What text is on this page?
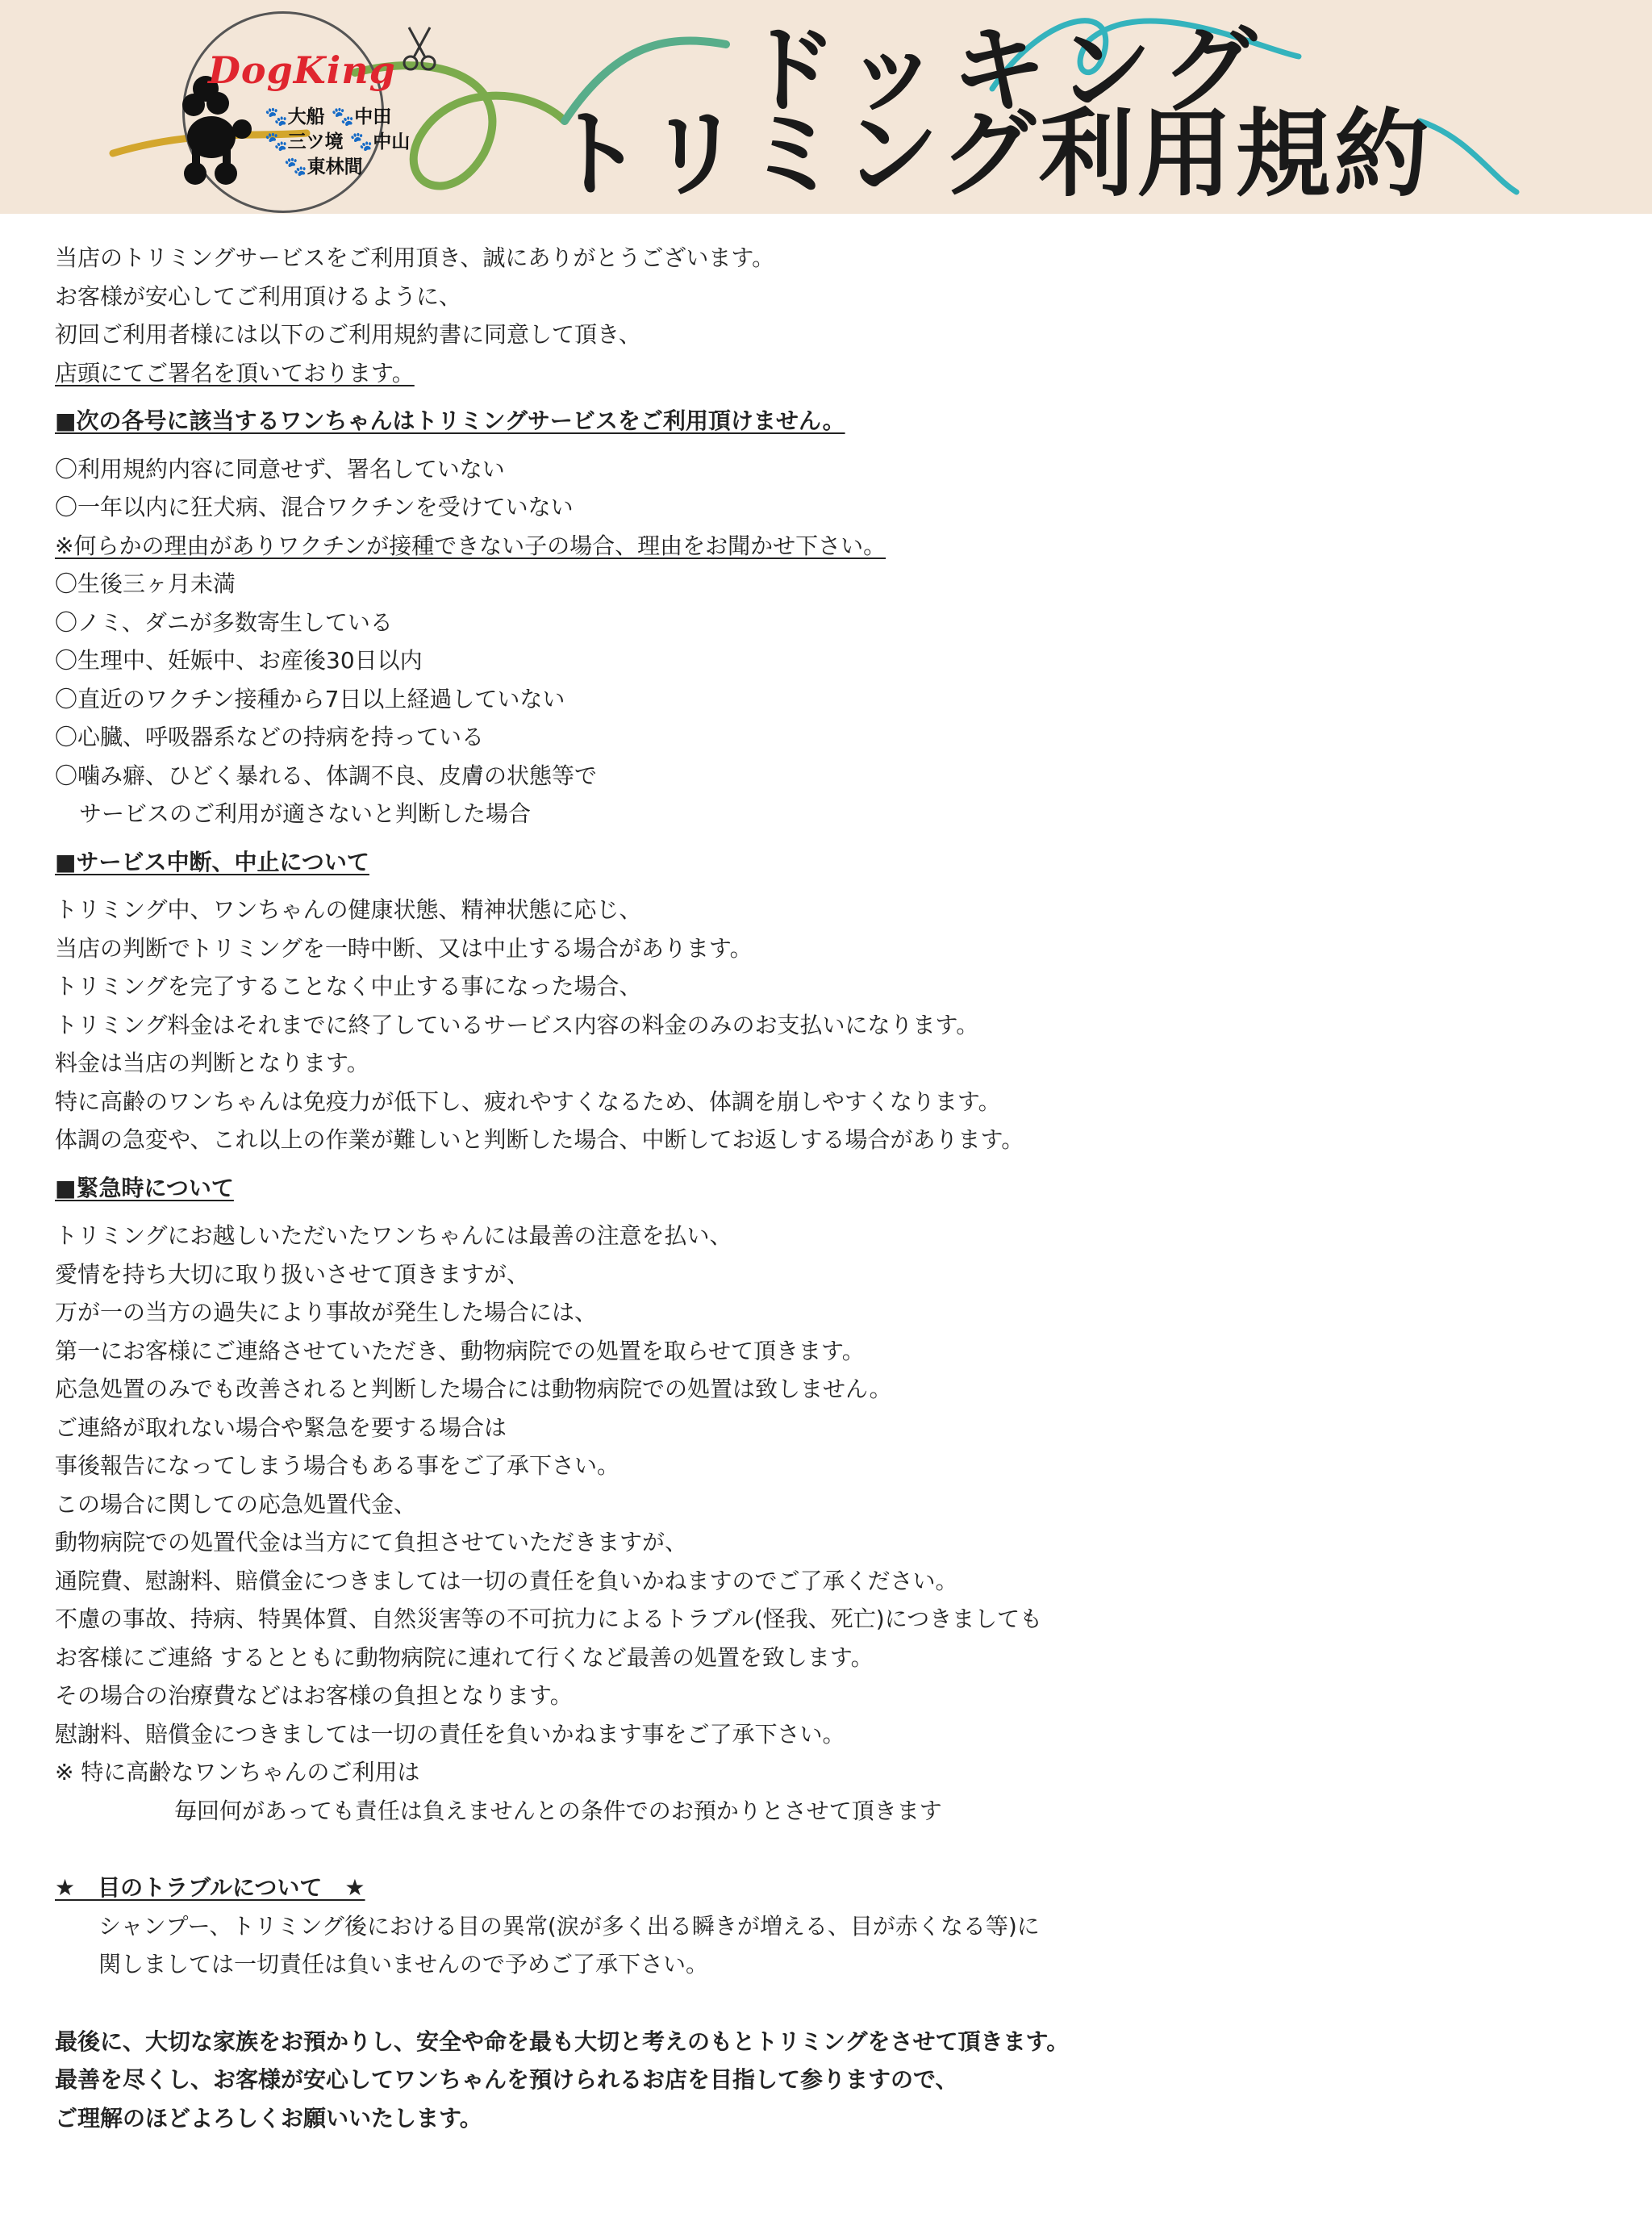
DogKing
🐾大船 🐾中田
🐾三ツ境 🐾中山
🐾東林間
ドッキング
トリミング利用規約
当店のトリミングサービスをご利用頂き、誠にありがとうございます。
お客様が安心してご利用頂けるように、
初回ご利用者様には以下のご利用規約書に同意して頂き、
店頭にてご署名を頂いております。
■次の各号に該当するワンちゃんはトリミングサービスをご利用頂けません。
〇利用規約内容に同意せず、署名していない
〇一年以内に狂犬病、混合ワクチンを受けていない
※何らかの理由がありワクチンが接種できない子の場合、理由をお聞かせ下さい。
〇生後三ヶ月未満
〇ノミ、ダニが多数寄生している
〇生理中、妊娠中、お産後30日以内
〇直近のワクチン接種から7日以上経過していない
〇心臓、呼吸器系などの持病を持っている
〇噛み癖、ひどく暴れる、体調不良、皮膚の状態等で
サービスのご利用が適さないと判断した場合
■サービス中断、中止について
トリミング中、ワンちゃんの健康状態、精神状態に応じ、
当店の判断でトリミングを一時中断、又は中止する場合があります。
トリミングを完了することなく中止する事になった場合、
トリミング料金はそれまでに終了しているサービス内容の料金のみのお支払いになります。
料金は当店の判断となります。
特に高齢のワンちゃんは免疫力が低下し、疲れやすくなるため、体調を崩しやすくなります。
体調の急変や、これ以上の作業が難しいと判断した場合、中断してお返しする場合があります。
■緊急時について
トリミングにお越しいただいたワンちゃんには最善の注意を払い、
愛情を持ち大切に取り扱いさせて頂きますが、
万が一の当方の過失により事故が発生した場合には、
第一にお客様にご連絡させていただき、動物病院での処置を取らせて頂きます。
応急処置のみでも改善されると判断した場合には動物病院での処置は致しません。
ご連絡が取れない場合や緊急を要する場合は
事後報告になってしまう場合もある事をご了承下さい。
この場合に関しての応急処置代金、
動物病院での処置代金は当方にて負担させていただきますが、
通院費、慰謝料、賠償金につきましては一切の責任を負いかねますのでご了承ください。
不慮の事故、持病、特異体質、自然災害等の不可抗力によるトラブル(怪我、死亡)につきましても
お客様にご連絡 するとともに動物病院に連れて行くなど最善の処置を致します。
その場合の治療費などはお客様の負担となります。
慰謝料、賠償金につきましては一切の責任を負いかねます事をご了承下さい。
※ 特に高齢なワンちゃんのご利用は
毎回何があっても責任は負えませんとの条件でのお預かりとさせて頂きます
★　目のトラブルについて　★
シャンプー、トリミング後における目の異常(涙が多く出る瞬きが増える、目が赤くなる等)に
関しましては一切責任は負いませんので予めご了承下さい。
最後に、大切な家族をお預かりし、安全や命を最も大切と考えのもとトリミングをさせて頂きます。
最善を尽くし、お客様が安心してワンちゃんを預けられるお店を目指して参りますので、
ご理解のほどよろしくお願いいたします。
